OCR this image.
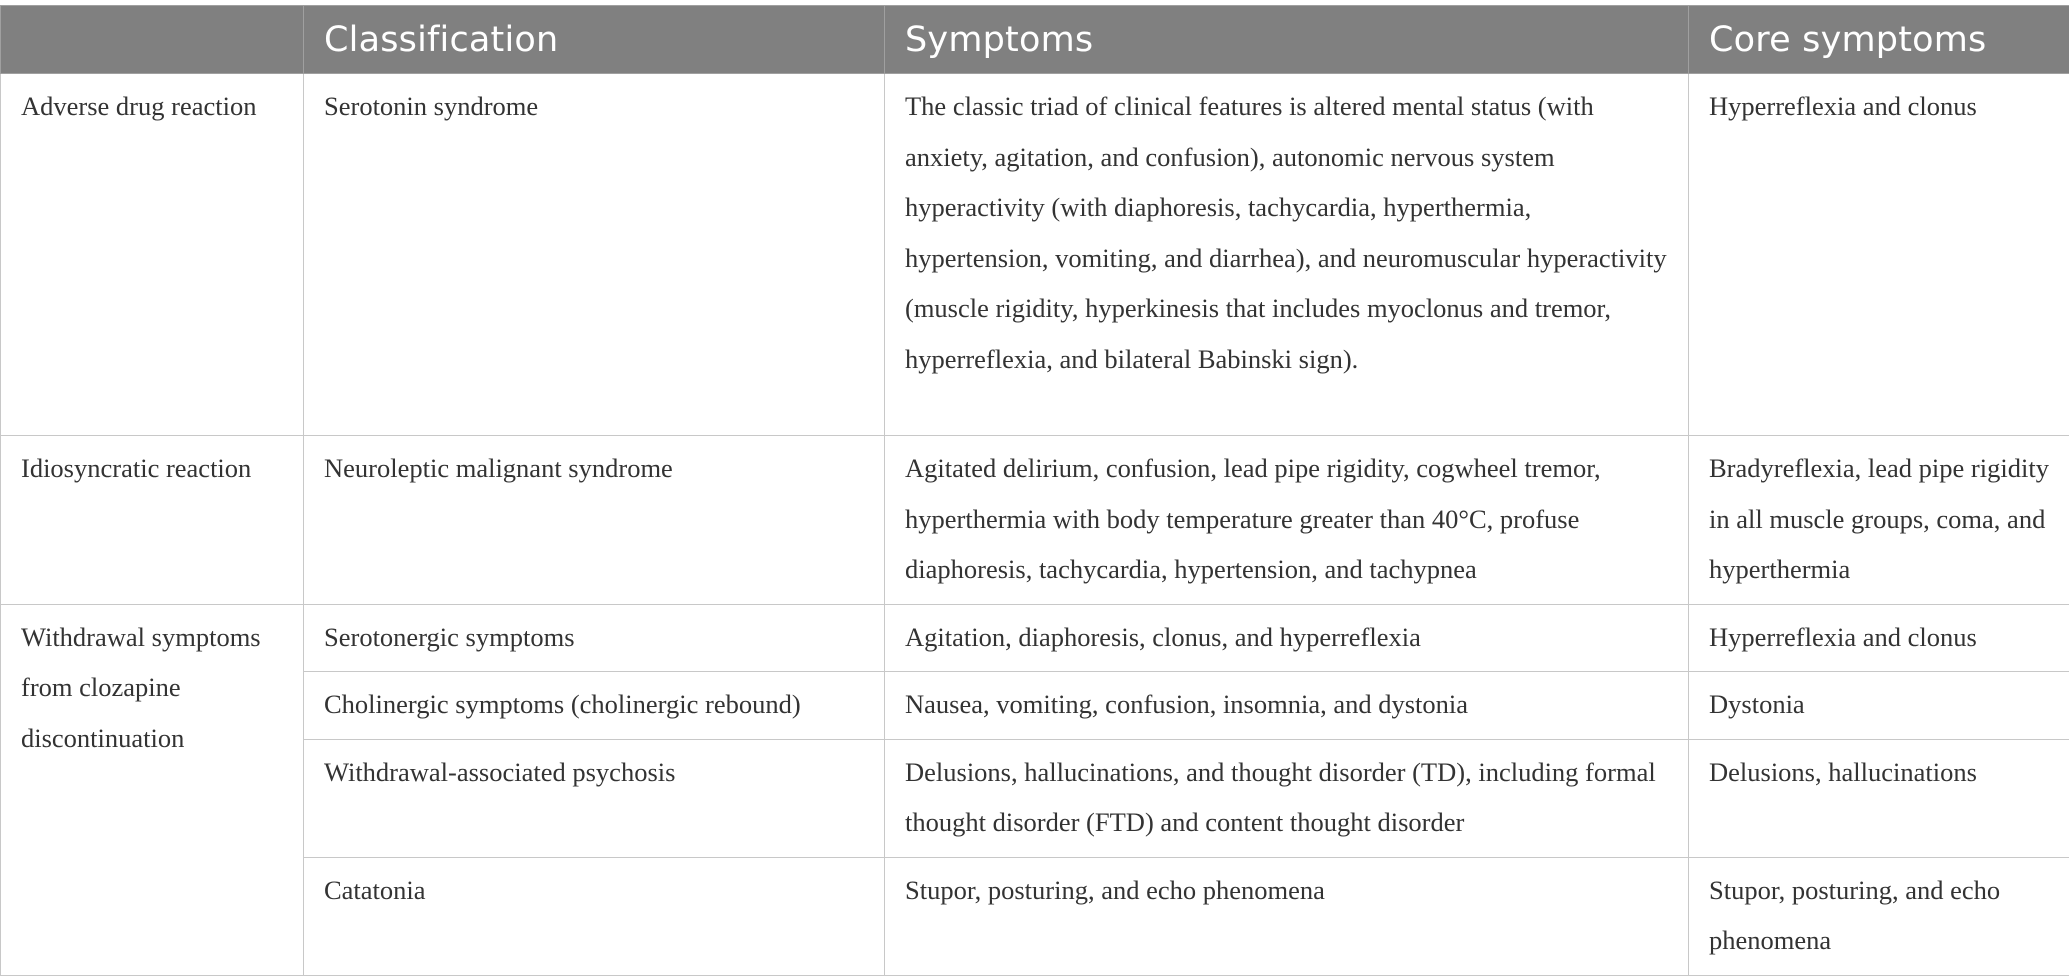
	Classification	Symptoms	Core symptoms
Adverse drug reaction	Serotonin syndrome	The classic triad of clinical features is altered mental status (with anxiety, agitation, and confusion), autonomic nervous system hyperactivity (with diaphoresis, tachycardia, hyperthermia, hypertension, vomiting, and diarrhea), and neuromuscular hyperactivity (muscle rigidity, hyperkinesis that includes myoclonus and tremor, hyperreflexia, and bilateral Babinski sign).	Hyperreflexia and clonus
Idiosyncratic reaction	Neuroleptic malignant syndrome	Agitated delirium, confusion, lead pipe rigidity, cogwheel tremor, hyperthermia with body temperature greater than 40°C, profuse diaphoresis, tachycardia, hypertension, and tachypnea	Bradyreflexia, lead pipe rigidity in all muscle groups, coma, and hyperthermia
Withdrawal symptoms from clozapine discontinuation	Serotonergic symptoms	Agitation, diaphoresis, clonus, and hyperreflexia	Hyperreflexia and clonus
	Cholinergic symptoms (cholinergic rebound)	Nausea, vomiting, confusion, insomnia, and dystonia	Dystonia
	Withdrawal-associated psychosis	Delusions, hallucinations, and thought disorder (TD), including formal thought disorder (FTD) and content thought disorder	Delusions, hallucinations
	Catatonia	Stupor, posturing, and echo phenomena	Stupor, posturing, and echo phenomena
